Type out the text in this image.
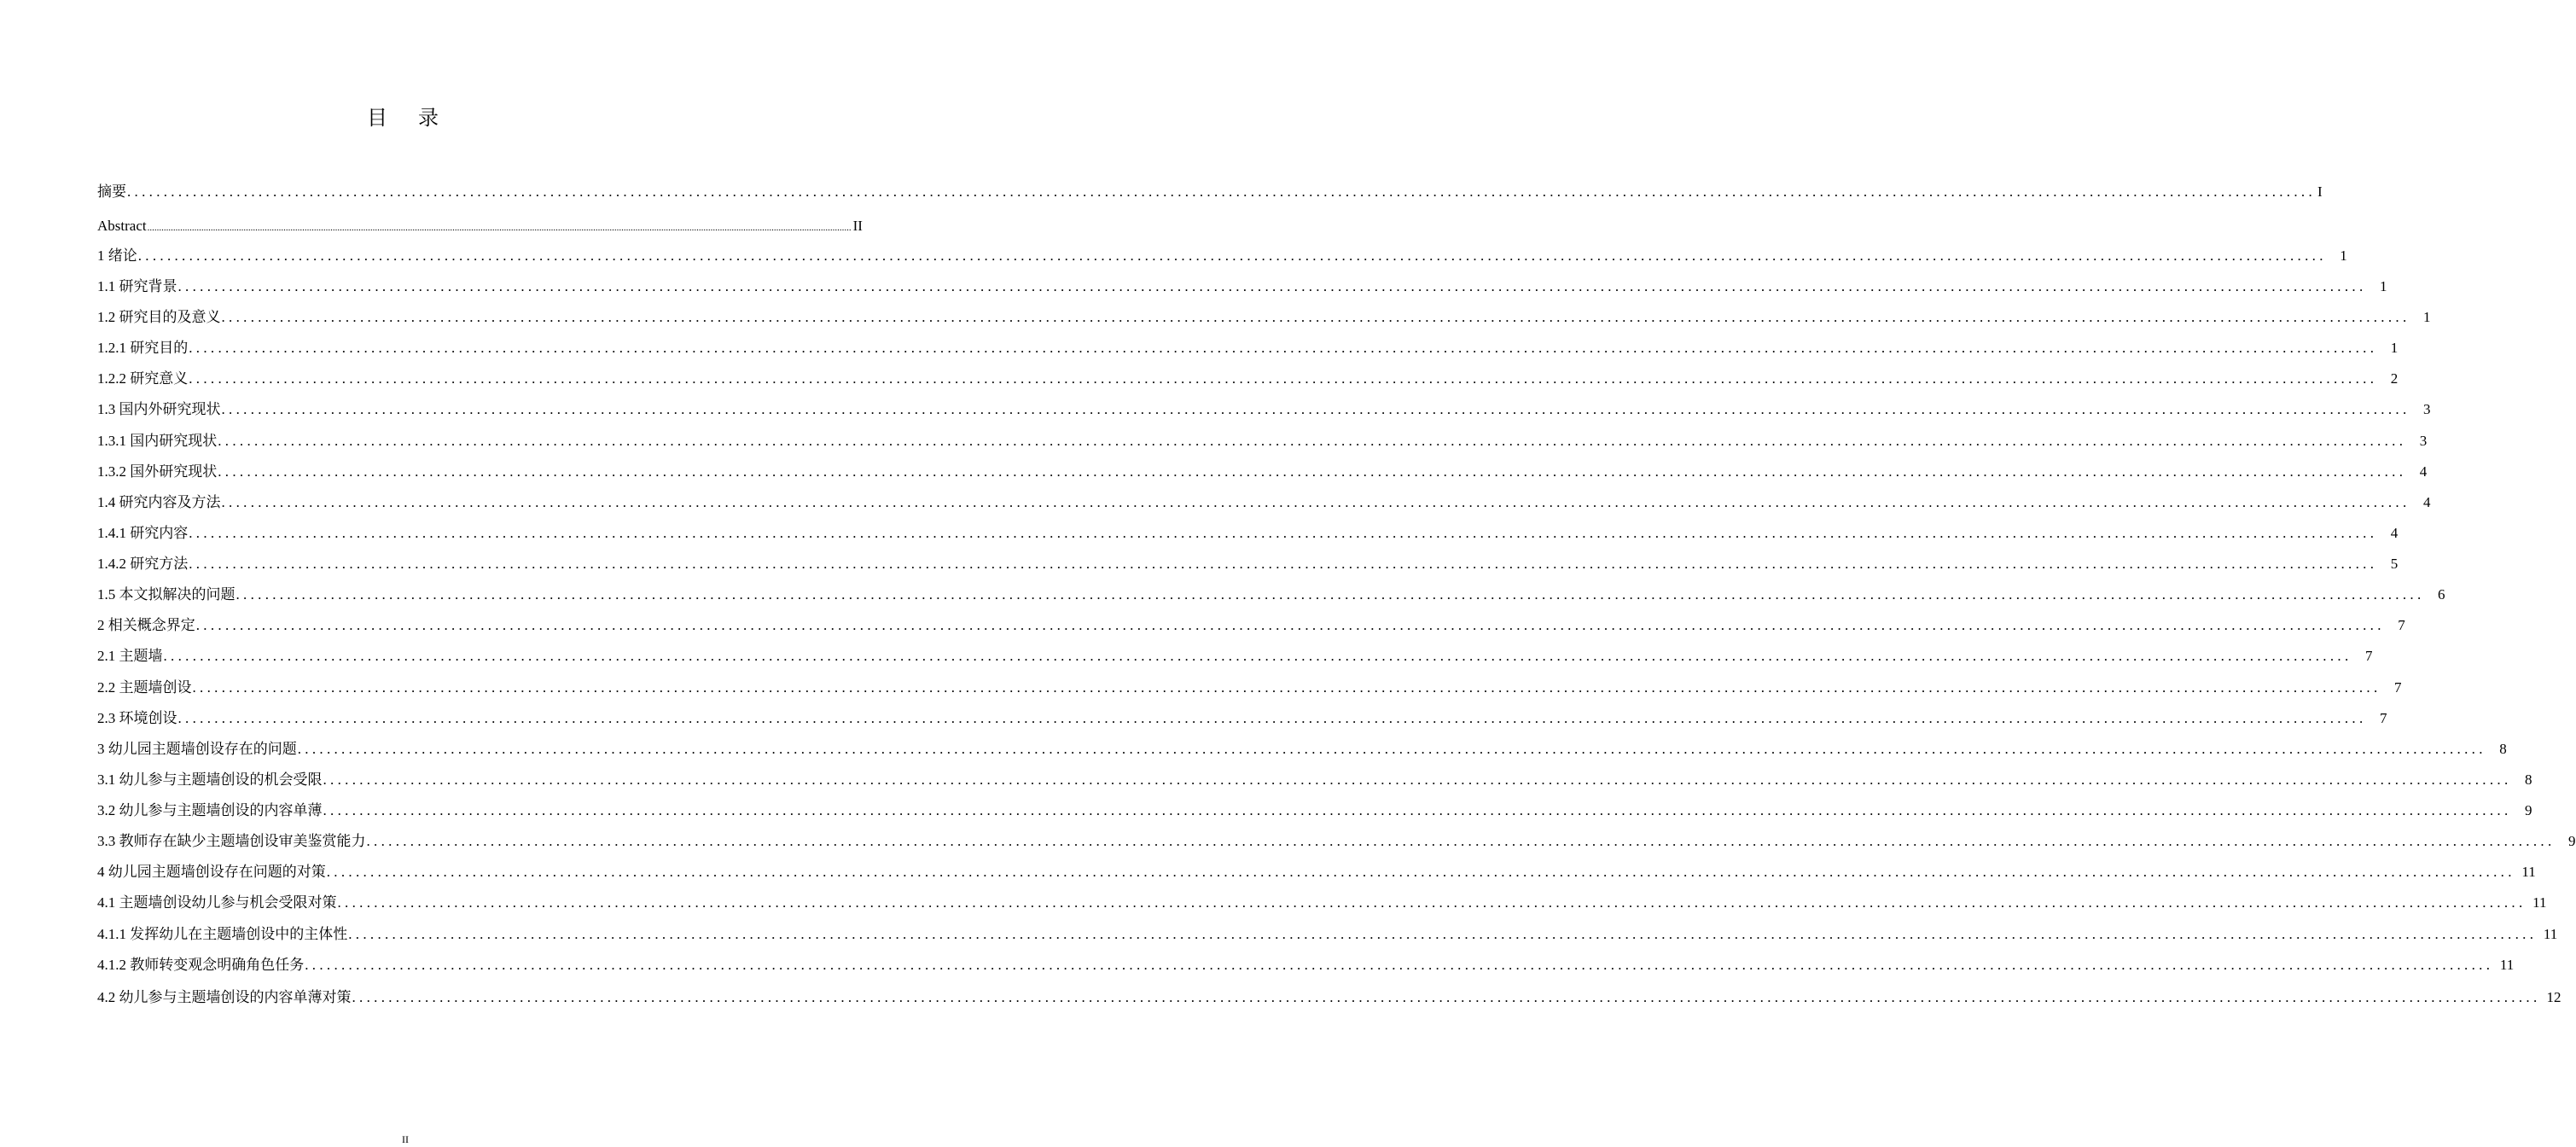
目　录
摘要 ............................................................................................................................................................................................................................................................................................................ I
Abstract ............................................................................................................................................................................................................................................................................................................ II
1 绪论 ............................................................................................................................................................................................................................................................................................................ 1
1.1 研究背景 ............................................................................................................................................................................................................................................................................................................ 1
1.2 研究目的及意义 ............................................................................................................................................................................................................................................................................................................ 1
1.2.1 研究目的 ............................................................................................................................................................................................................................................................................................................ 1
1.2.2 研究意义 ............................................................................................................................................................................................................................................................................................................ 2
1.3 国内外研究现状 ............................................................................................................................................................................................................................................................................................................ 3
1.3.1 国内研究现状 ............................................................................................................................................................................................................................................................................................................ 3
1.3.2 国外研究现状 ............................................................................................................................................................................................................................................................................................................ 4
1.4 研究内容及方法 ............................................................................................................................................................................................................................................................................................................ 4
1.4.1 研究内容 ............................................................................................................................................................................................................................................................................................................ 4
1.4.2 研究方法 ............................................................................................................................................................................................................................................................................................................ 5
1.5 本文拟解决的问题 ............................................................................................................................................................................................................................................................................................................ 6
2 相关概念界定 ............................................................................................................................................................................................................................................................................................................ 7
2.1 主题墙 ............................................................................................................................................................................................................................................................................................................ 7
2.2 主题墙创设 ............................................................................................................................................................................................................................................................................................................ 7
2.3 环境创设 ............................................................................................................................................................................................................................................................................................................ 7
3 幼儿园主题墙创设存在的问题 ............................................................................................................................................................................................................................................................................................................ 8
3.1 幼儿参与主题墙创设的机会受限 ............................................................................................................................................................................................................................................................................................................ 8
3.2 幼儿参与主题墙创设的内容单薄 ............................................................................................................................................................................................................................................................................................................ 9
3.3 教师存在缺少主题墙创设审美鉴赏能力 ............................................................................................................................................................................................................................................................................................................ 9
4 幼儿园主题墙创设存在问题的对策 ............................................................................................................................................................................................................................................................................................................ 11
4.1 主题墙创设幼儿参与机会受限对策 ............................................................................................................................................................................................................................................................................................................ 11
4.1.1 发挥幼儿在主题墙创设中的主体性 ............................................................................................................................................................................................................................................................................................................ 11
4.1.2 教师转变观念明确角色任务 ............................................................................................................................................................................................................................................................................................................ 11
4.2 幼儿参与主题墙创设的内容单薄对策 ............................................................................................................................................................................................................................................................................................................ 12
II
